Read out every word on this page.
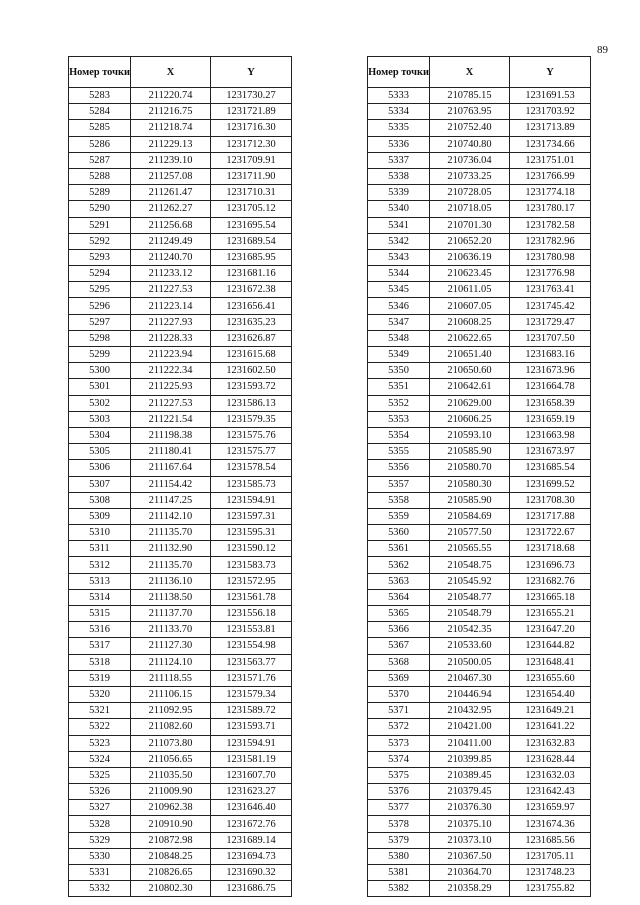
89
Номер точки	X	Y
5283	211220.74	1231730.27
5284	211216.75	1231721.89
5285	211218.74	1231716.30
5286	211229.13	1231712.30
5287	211239.10	1231709.91
5288	211257.08	1231711.90
5289	211261.47	1231710.31
5290	211262.27	1231705.12
5291	211256.68	1231695.54
5292	211249.49	1231689.54
5293	211240.70	1231685.95
5294	211233.12	1231681.16
5295	211227.53	1231672.38
5296	211223.14	1231656.41
5297	211227.93	1231635.23
5298	211228.33	1231626.87
5299	211223.94	1231615.68
5300	211222.34	1231602.50
5301	211225.93	1231593.72
5302	211227.53	1231586.13
5303	211221.54	1231579.35
5304	211198.38	1231575.76
5305	211180.41	1231575.77
5306	211167.64	1231578.54
5307	211154.42	1231585.73
5308	211147.25	1231594.91
5309	211142.10	1231597.31
5310	211135.70	1231595.31
5311	211132.90	1231590.12
5312	211135.70	1231583.73
5313	211136.10	1231572.95
5314	211138.50	1231561.78
5315	211137.70	1231556.18
5316	211133.70	1231553.81
5317	211127.30	1231554.98
5318	211124.10	1231563.77
5319	211118.55	1231571.76
5320	211106.15	1231579.34
5321	211092.95	1231589.72
5322	211082.60	1231593.71
5323	211073.80	1231594.91
5324	211056.65	1231581.19
5325	211035.50	1231607.70
5326	211009.90	1231623.27
5327	210962.38	1231646.40
5328	210910.90	1231672.76
5329	210872.98	1231689.14
5330	210848.25	1231694.73
5331	210826.65	1231690.32
5332	210802.30	1231686.75
Номер точки	X	Y
5333	210785.15	1231691.53
5334	210763.95	1231703.92
5335	210752.40	1231713.89
5336	210740.80	1231734.66
5337	210736.04	1231751.01
5338	210733.25	1231766.99
5339	210728.05	1231774.18
5340	210718.05	1231780.17
5341	210701.30	1231782.58
5342	210652.20	1231782.96
5343	210636.19	1231780.98
5344	210623.45	1231776.98
5345	210611.05	1231763.41
5346	210607.05	1231745.42
5347	210608.25	1231729.47
5348	210622.65	1231707.50
5349	210651.40	1231683.16
5350	210650.60	1231673.96
5351	210642.61	1231664.78
5352	210629.00	1231658.39
5353	210606.25	1231659.19
5354	210593.10	1231663.98
5355	210585.90	1231673.97
5356	210580.70	1231685.54
5357	210580.30	1231699.52
5358	210585.90	1231708.30
5359	210584.69	1231717.88
5360	210577.50	1231722.67
5361	210565.55	1231718.68
5362	210548.75	1231696.73
5363	210545.92	1231682.76
5364	210548.77	1231665.18
5365	210548.79	1231655.21
5366	210542.35	1231647.20
5367	210533.60	1231644.82
5368	210500.05	1231648.41
5369	210467.30	1231655.60
5370	210446.94	1231654.40
5371	210432.95	1231649.21
5372	210421.00	1231641.22
5373	210411.00	1231632.83
5374	210399.85	1231628.44
5375	210389.45	1231632.03
5376	210379.45	1231642.43
5377	210376.30	1231659.97
5378	210375.10	1231674.36
5379	210373.10	1231685.56
5380	210367.50	1231705.11
5381	210364.70	1231748.23
5382	210358.29	1231755.82
